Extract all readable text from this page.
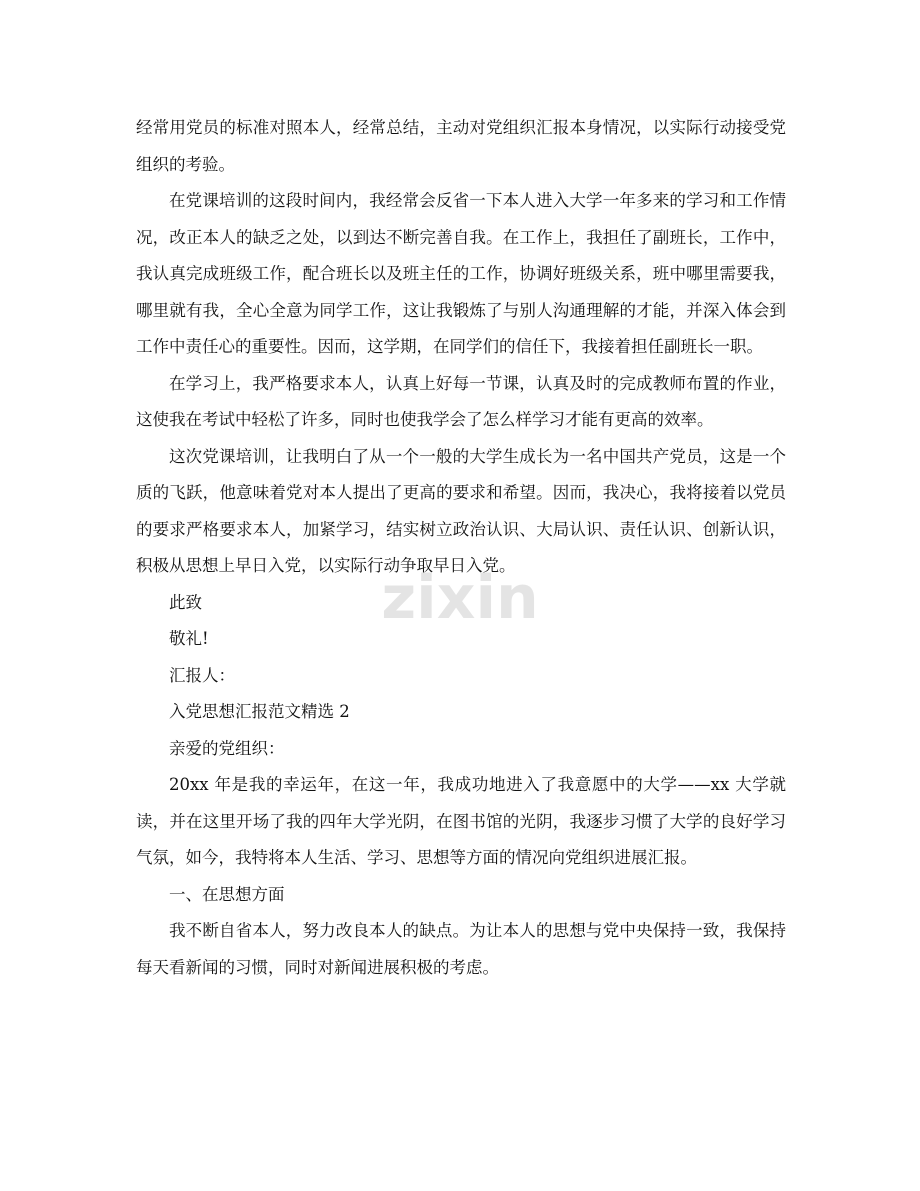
经常用党员的标准对照本人，经常总结，主动对党组织汇报本身情况，以实际行动接受党组织的考验。

在党课培训的这段时间内，我经常会反省一下本人进入大学一年多来的学习和工作情况，改正本人的缺乏之处，以到达不断完善自我。在工作上，我担任了副班长，工作中，我认真完成班级工作，配合班长以及班主任的工作，协调好班级关系，班中哪里需要我，哪里就有我，全心全意为同学工作，这让我锻炼了与别人沟通理解的才能，并深入体会到工作中责任心的重要性。因而，这学期，在同学们的信任下，我接着担任副班长一职。

在学习上，我严格要求本人，认真上好每一节课，认真及时的完成教师布置的作业，这使我在考试中轻松了许多，同时也使我学会了怎么样学习才能有更高的效率。

这次党课培训，让我明白了从一个一般的大学生成长为一名中国共产党员，这是一个质的飞跃，他意味着党对本人提出了更高的要求和希望。因而，我决心，我将接着以党员的要求严格要求本人，加紧学习，结实树立政治认识、大局认识、责任认识、创新认识，积极从思想上早日入党，以实际行动争取早日入党。

此致

敬礼!

汇报人：

入党思想汇报范文精选 2

亲爱的党组织：

20xx 年是我的幸运年，在这一年，我成功地进入了我意愿中的大学——xx 大学就读，并在这里开场了我的四年大学光阴，在图书馆的光阴，我逐步习惯了大学的良好学习气氛，如今，我特将本人生活、学习、思想等方面的情况向党组织进展汇报。

一、在思想方面

我不断自省本人，努力改良本人的缺点。为让本人的思想与党中央保持一致，我保持每天看新闻的习惯，同时对新闻进展积极的考虑。

zixin
